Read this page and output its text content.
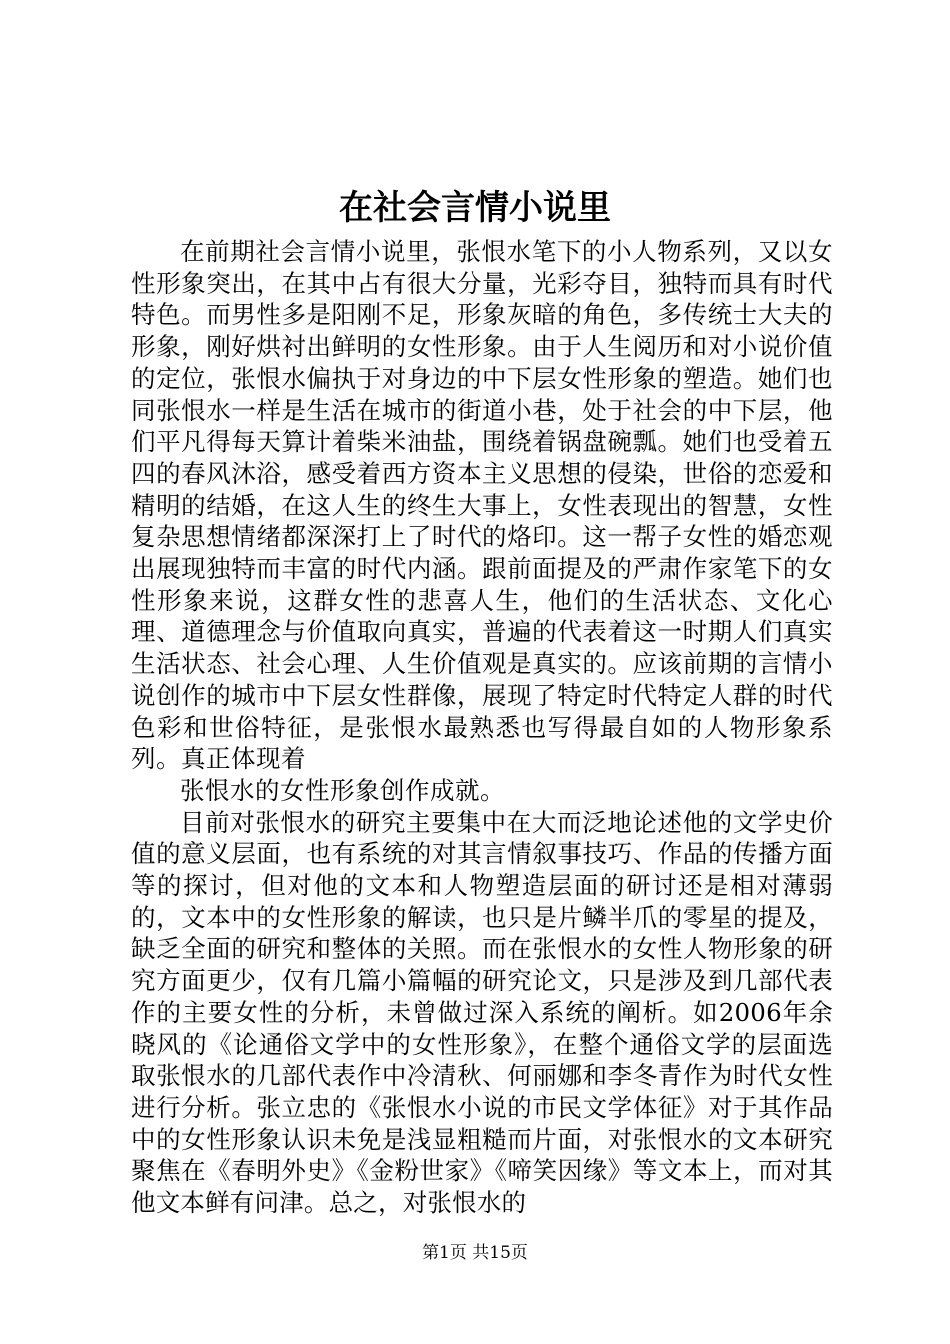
在社会言情小说里

在前期社会言情小说里，张恨水笔下的小人物系列，又以女性形象突出，在其中占有很大分量，光彩夺目，独特而具有时代特色。而男性多是阳刚不足，形象灰暗的角色，多传统士大夫的形象，刚好烘衬出鲜明的女性形象。由于人生阅历和对小说价值的定位，张恨水偏执于对身边的中下层女性形象的塑造。她们也同张恨水一样是生活在城市的街道小巷，处于社会的中下层，他们平凡得每天算计着柴米油盐，围绕着锅盘碗瓢。她们也受着五四的春风沐浴，感受着西方资本主义思想的侵染，世俗的恋爱和精明的结婚，在这人生的终生大事上，女性表现出的智慧，女性复杂思想情绪都深深打上了时代的烙印。这一帮子女性的婚恋观出展现独特而丰富的时代内涵。跟前面提及的严肃作家笔下的女性形象来说，这群女性的悲喜人生，他们的生活状态、文化心理、道德理念与价值取向真实，普遍的代表着这一时期人们真实生活状态、社会心理、人生价值观是真实的。应该前期的言情小说创作的城市中下层女性群像，展现了特定时代特定人群的时代色彩和世俗特征，是张恨水最熟悉也写得最自如的人物形象系列。真正体现着

张恨水的女性形象创作成就。

目前对张恨水的研究主要集中在大而泛地论述他的文学史价值的意义层面，也有系统的对其言情叙事技巧、作品的传播方面等的探讨，但对他的文本和人物塑造层面的研讨还是相对薄弱的，文本中的女性形象的解读，也只是片鳞半爪的零星的提及，缺乏全面的研究和整体的关照。而在张恨水的女性人物形象的研究方面更少，仅有几篇小篇幅的研究论文，只是涉及到几部代表作的主要女性的分析，未曾做过深入系统的阐析。如2006年余晓风的《论通俗文学中的女性形象》，在整个通俗文学的层面选取张恨水的几部代表作中冷清秋、何丽娜和李冬青作为时代女性进行分析。张立忠的《张恨水小说的市民文学体征》对于其作品中的女性形象认识未免是浅显粗糙而片面，对张恨水的文本研究聚焦在《春明外史》《金粉世家》《啼笑因缘》等文本上，而对其他文本鲜有问津。总之，对张恨水的

第1页 共15页
